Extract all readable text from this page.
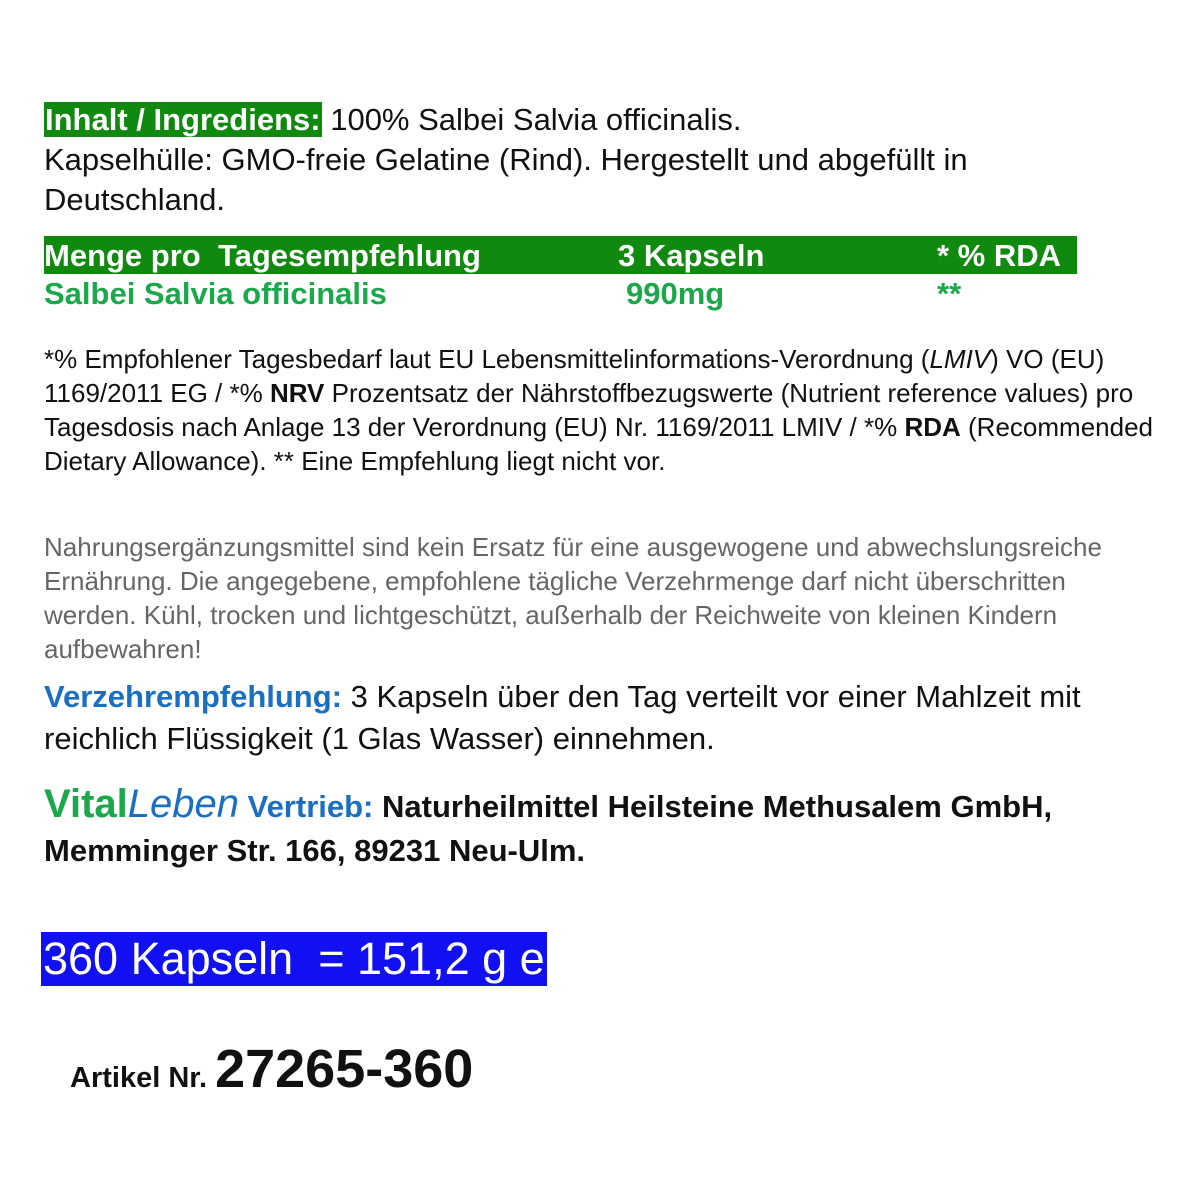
Inhalt / Ingrediens: 100% Salbei Salvia officinalis.
Kapselhülle: GMO-freie Gelatine (Rind). Hergestellt und abgefüllt in Deutschland.
Menge pro  Tagesempfehlung	3 Kapseln	* % RDA
Salbei Salvia officinalis	990mg	**
*% Empfohlener Tagesbedarf laut EU Lebensmittelinformations-Verordnung (LMIV) VO (EU) 1169/2011 EG / *% NRV Prozentsatz der Nährstoffbezugswerte (Nutrient reference values) pro Tagesdosis nach Anlage 13 der Verordnung (EU) Nr. 1169/2011 LMIV / *% RDA (Recommended Dietary Allowance). ** Eine Empfehlung liegt nicht vor.
Nahrungsergänzungsmittel sind kein Ersatz für eine ausgewogene und abwechslungsreiche Ernährung. Die angegebene, empfohlene tägliche Verzehrmenge darf nicht überschritten werden. Kühl, trocken und lichtgeschützt, außerhalb der Reichweite von kleinen Kindern aufbewahren!
Verzehrempfehlung: 3 Kapseln über den Tag verteilt vor einer Mahlzeit mit reichlich Flüssigkeit (1 Glas Wasser) einnehmen.
VitalLeben Vertrieb: Naturheilmittel Heilsteine Methusalem GmbH, Memminger Str. 166, 89231 Neu-Ulm.
360 Kapseln  = 151,2 g e
Artikel Nr. 27265-360
